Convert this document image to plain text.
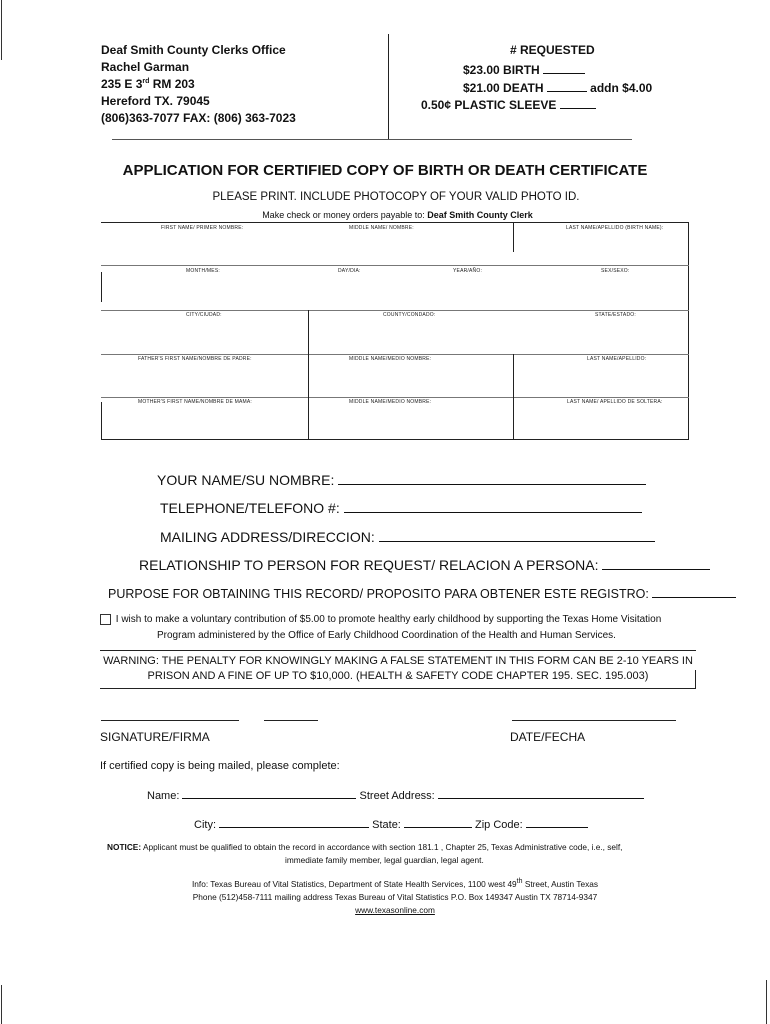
Deaf Smith County Clerks Office
Rachel Garman
235 E 3rd RM 203
Hereford TX. 79045
(806)363-7077 FAX: (806) 363-7023
# REQUESTED
$23.00 BIRTH
$21.00 DEATH	addn $4.00
0.50¢ PLASTIC SLEEVE
APPLICATION FOR CERTIFIED COPY OF BIRTH OR DEATH CERTIFICATE
PLEASE PRINT. INCLUDE PHOTOCOPY OF YOUR VALID PHOTO ID.
Make check or money orders payable to: Deaf Smith County Clerk
FIRST NAME/ PRIMER NOMBRE:	MIDDLE NAME/ NOMBRE:	LAST NAME/APELLIDO (BIRTH NAME):
MONTH/MES:	DAY/DIA:	YEAR/AÑO:	SEX/SEXO:
CITY/CIUDAD:	COUNTY/CONDADO:	STATE/ESTADO:
FATHER'S FIRST NAME/NOMBRE DE PADRE:	MIDDLE NAME/MEDIO NOMBRE:	LAST NAME/APELLIDO:
MOTHER'S FIRST NAME/NOMBRE DE MAMA:	MIDDLE NAME/MEDIO NOMBRE:	LAST NAME/ APELLIDO DE SOLTERA:
YOUR NAME/SU NOMBRE:
TELEPHONE/TELEFONO #:
MAILING ADDRESS/DIRECCION:
RELATIONSHIP TO PERSON FOR REQUEST/ RELACION A PERSONA:
PURPOSE FOR OBTAINING THIS RECORD/ PROPOSITO PARA OBTENER ESTE REGISTRO:
I wish to make a voluntary contribution of $5.00 to promote healthy early childhood by supporting the Texas Home Visitation
Program administered by the Office of Early Childhood Coordination of the Health and Human Services.
WARNING: THE PENALTY FOR KNOWINGLY MAKING A FALSE STATEMENT IN THIS FORM CAN BE 2-10 YEARS IN
PRISON AND A FINE OF UP TO $10,000. (HEALTH & SAFETY CODE CHAPTER 195. SEC. 195.003)
SIGNATURE/FIRMA	DATE/FECHA
If certified copy is being mailed, please complete:
Name:	Street Address:
City:	State:	Zip Code:
NOTICE: Applicant must be qualified to obtain the record in accordance with section 181.1 , Chapter 25, Texas Administrative code, i.e., self,
immediate family member, legal guardian, legal agent.
Info: Texas Bureau of Vital Statistics, Department of State Health Services, 1100 west 49th Street, Austin Texas
Phone (512)458-7111 mailing address Texas Bureau of Vital Statistics P.O. Box 149347 Austin TX 78714-9347
www.texasonline.com
